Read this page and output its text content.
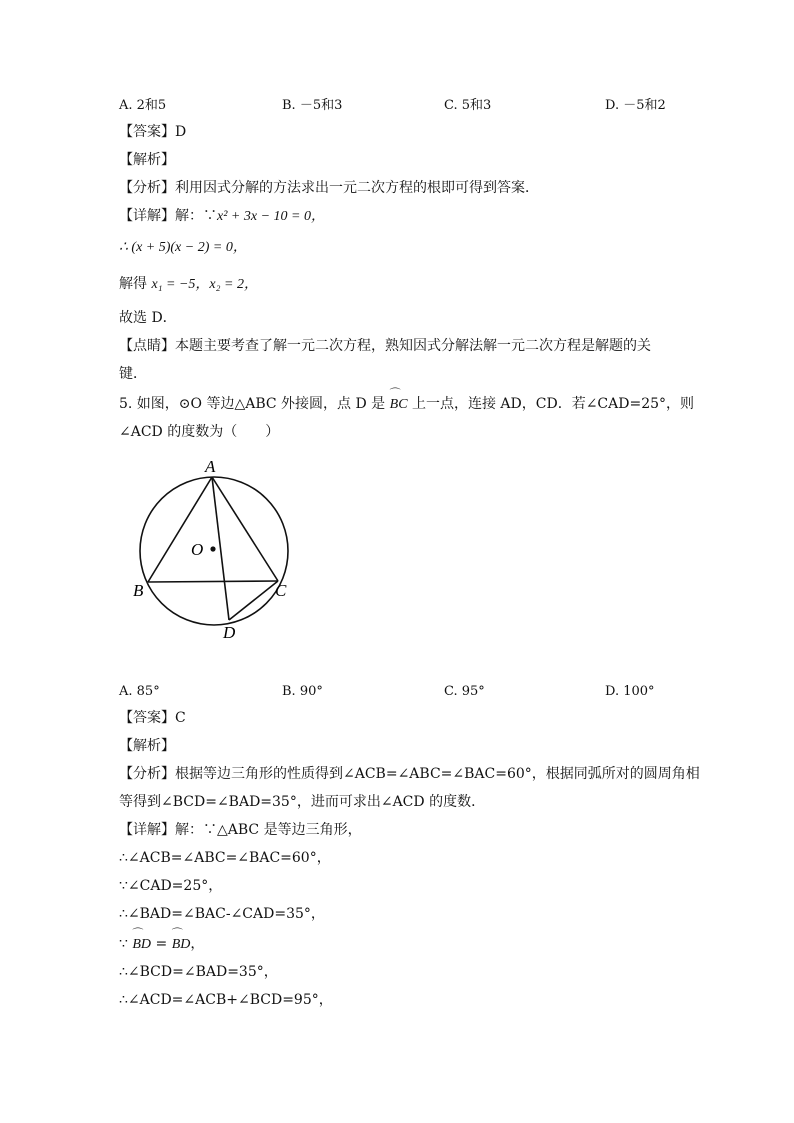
A. 2和5	B. －5和3	C. 5和3	D. －5和2
【答案】D
【解析】
【分析】利用因式分解的方法求出一元二次方程的根即可得到答案．
【详解】解：∵x² + 3x − 10 = 0，
∴ (x + 5)(x − 2) = 0，
解得 x₁ = −5，x₂ = 2，
故选 D．
【点睛】本题主要考查了解一元二次方程，熟知因式分解法解一元二次方程是解题的关
键．
5. 如图，⊙O 等边△ABC 外接圆，点 D 是 ⌒ BC 上一点，连接 AD，CD．若∠CAD=25°，则
∠ACD 的度数为（　　）
A
O
B	C
D
A. 85°	B. 90°	C. 95°	D. 100°
【答案】C
【解析】
【分析】根据等边三角形的性质得到∠ACB=∠ABC=∠BAC=60°，根据同弧所对的圆周角相
等得到∠BCD=∠BAD=35°，进而可求出∠ACD 的度数．
【详解】解：∵△ABC 是等边三角形，
∴∠ACB=∠ABC=∠BAC=60°，
∵∠CAD=25°，
∴∠BAD=∠BAC-∠CAD=35°，
∵ ⌒ BD = ⌒ BD，
∴∠BCD=∠BAD=35°，
∴∠ACD=∠ACB+∠BCD=95°，
